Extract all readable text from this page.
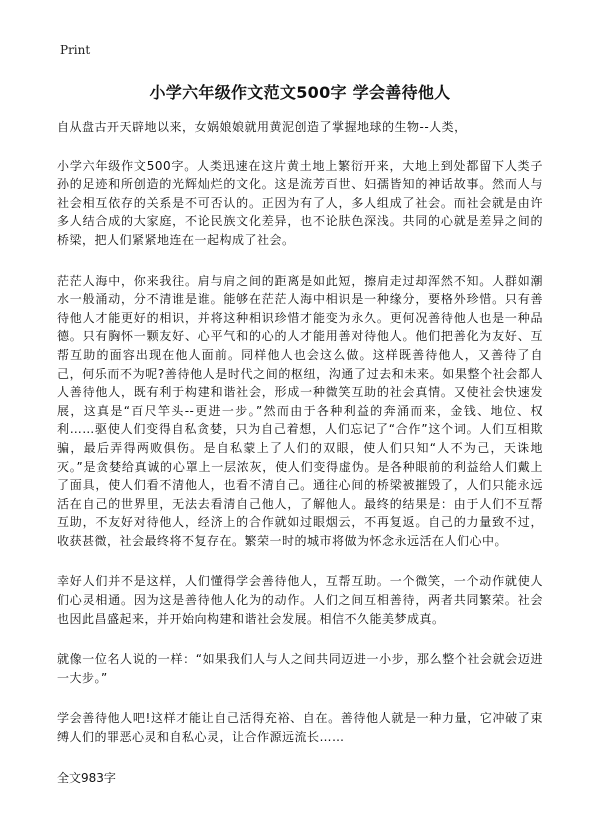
Print
小学六年级作文范文500字 学会善待他人

自从盘古开天辟地以来，女娲娘娘就用黄泥创造了掌握地球的生物--人类，

小学六年级作文500字。人类迅速在这片黄土地上繁衍开来，大地上到处都留下人类子孙的足迹和所创造的光辉灿烂的文化。这是流芳百世、妇孺皆知的神话故事。然而人与社会相互依存的关系是不可否认的。正因为有了人，多人组成了社会。而社会就是由许多人结合成的大家庭，不论民族文化差异，也不论肤色深浅。共同的心就是差异之间的桥梁，把人们紧紧地连在一起构成了社会。

茫茫人海中，你来我往。肩与肩之间的距离是如此短，擦肩走过却浑然不知。人群如潮水一般涌动，分不清谁是谁。能够在茫茫人海中相识是一种缘分，要格外珍惜。只有善待他人才能更好的相识，并将这种相识珍惜才能变为永久。更何况善待他人也是一种品德。只有胸怀一颗友好、心平气和的心的人才能用善对待他人。他们把善化为友好、互帮互助的面容出现在他人面前。同样他人也会这么做。这样既善待他人，又善待了自己，何乐而不为呢?善待他人是时代之间的枢纽，沟通了过去和未来。如果整个社会都人人善待他人，既有利于构建和谐社会，形成一种微笑互助的社会真情。又使社会快速发展，这真是“百尺竿头--更进一步。”然而由于各种利益的奔涌而来，金钱、地位、权利……驱使人们变得自私贪婪，只为自己着想，人们忘记了“合作”这个词。人们互相欺骗，最后弄得两败俱伤。是自私蒙上了人们的双眼，使人们只知“人不为己，天诛地灭。”是贪婪给真诚的心罩上一层浓灰，使人们变得虚伪。是各种眼前的利益给人们戴上了面具，使人们看不清他人，也看不清自己。通往心间的桥梁被摧毁了，人们只能永远活在自己的世界里，无法去看清自己他人，了解他人。最终的结果是：由于人们不互帮互助，不友好对待他人，经济上的合作就如过眼烟云，不再复返。自己的力量致不过，收获甚微，社会最终将不复存在。繁荣一时的城市将做为怀念永远活在人们心中。

幸好人们并不是这样，人们懂得学会善待他人，互帮互助。一个微笑，一个动作就使人们心灵相通。因为这是善待他人化为的动作。人们之间互相善待，两者共同繁荣。社会也因此昌盛起来，并开始向构建和谐社会发展。相信不久能美梦成真。

就像一位名人说的一样：“如果我们人与人之间共同迈进一小步，那么整个社会就会迈进一大步。”

学会善待他人吧!这样才能让自己活得充裕、自在。善待他人就是一种力量，它冲破了束缚人们的罪恶心灵和自私心灵，让合作源远流长……

全文983字
